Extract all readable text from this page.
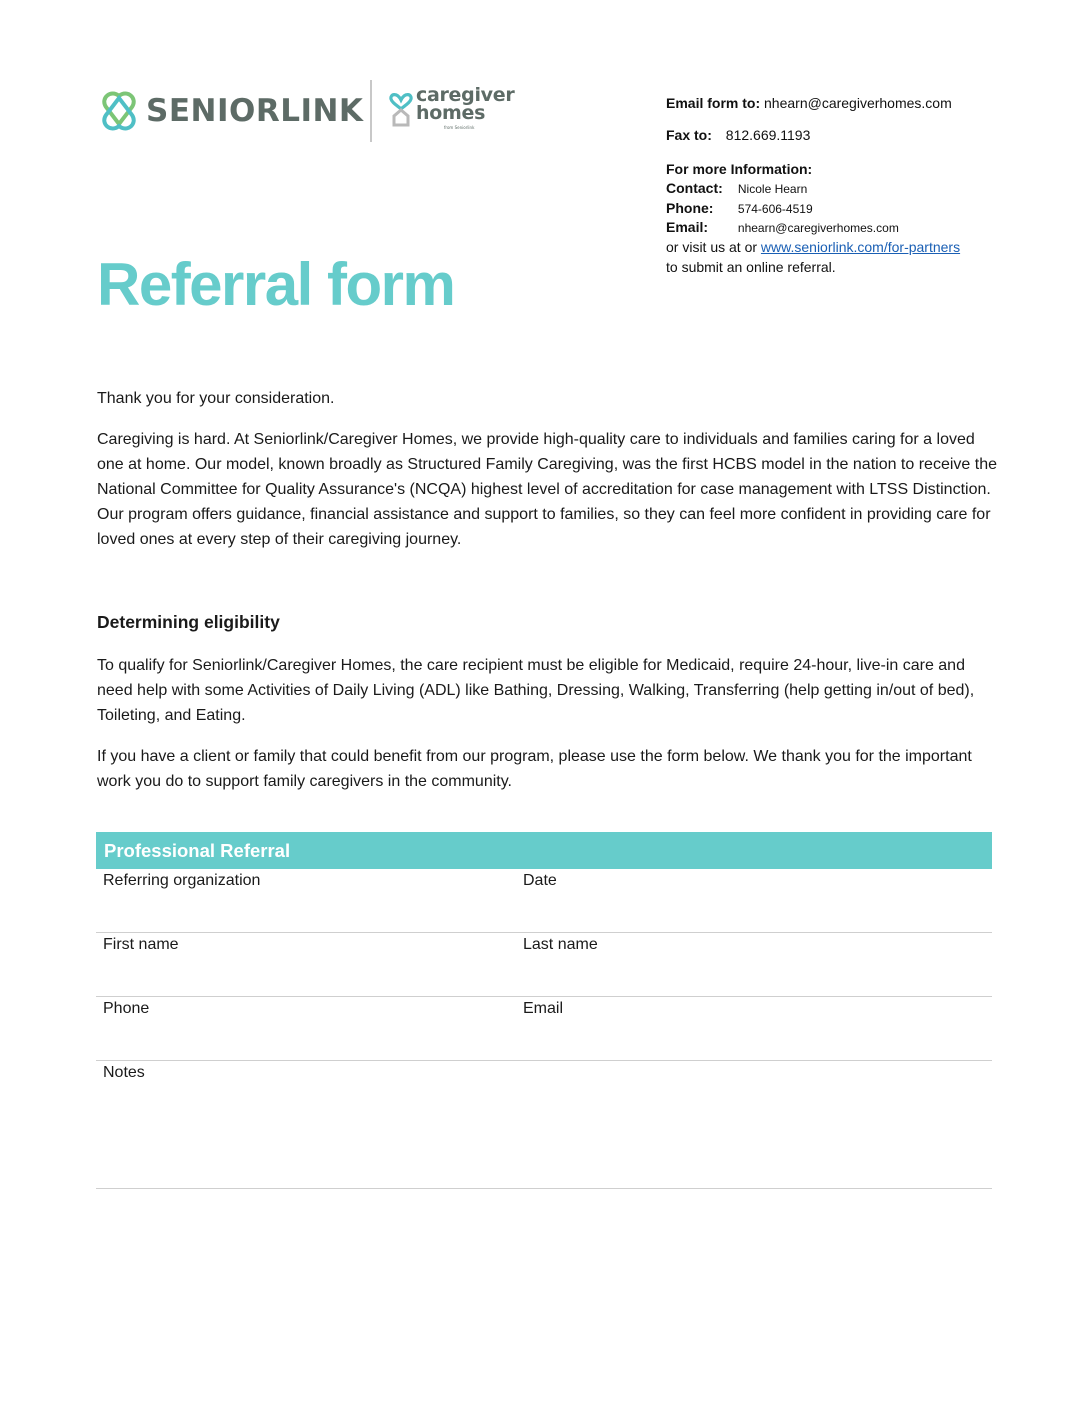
SENIORLINK	caregiver
homes
from Seniorlink
Email form to: nhearn@caregiverhomes.com
Fax to: 812.669.1193
For more Information:
Contact: Nicole Hearn
Phone: 574-606-4519
Email: nhearn@caregiverhomes.com
or visit us at or www.seniorlink.com/for-partners
to submit an online referral.
Referral form

Thank you for your consideration.

Caregiving is hard. At Seniorlink/Caregiver Homes, we provide high-quality care to individuals and families caring for a loved one at home. Our model, known broadly as Structured Family Caregiving, was the first HCBS model in the nation to receive the National Committee for Quality Assurance's (NCQA) highest level of accreditation for case management with LTSS Distinction. Our program offers guidance, financial assistance and support to families, so they can feel more confident in providing care for loved ones at every step of their caregiving journey.

Determining eligibility

To qualify for Seniorlink/Caregiver Homes, the care recipient must be eligible for Medicaid, require 24-hour, live-in care and need help with some Activities of Daily Living (ADL) like Bathing, Dressing, Walking, Transferring (help getting in/out of bed), Toileting, and Eating.

If you have a client or family that could benefit from our program, please use the form below. We thank you for the important work you do to support family caregivers in the community.

Professional Referral
Referring organization	Date
First name	Last name
Phone	Email
Notes
